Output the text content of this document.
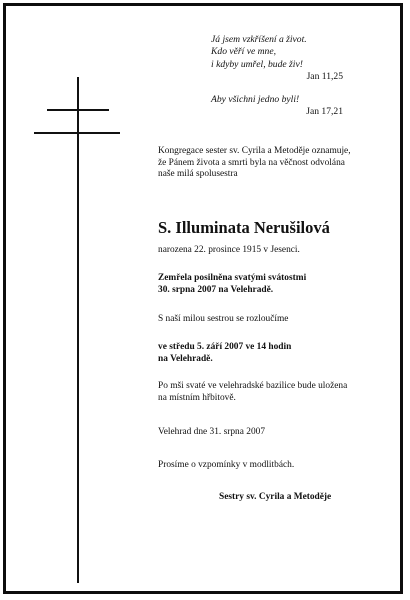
Já jsem vzkříšení a život.
Kdo věří ve mne,
i kdyby umřel, bude živ!
Jan 11,25
Aby všichni jedno byli!
Jan 17,21
Kongregace sester sv. Cyrila a Metoděje oznamuje,
že Pánem života a smrti byla na věčnost odvolána
naše milá spolusestra
S. Illuminata Nerušilová
narozena 22. prosince 1915 v Jesenci.
Zemřela posilněna svatými svátostmi
30. srpna 2007 na Velehradě.
S naší milou sestrou se rozloučíme
ve středu 5. září 2007 ve 14 hodin
na Velehradě.
Po mši svaté ve velehradské bazilice bude uložena
na místním hřbitově.
Velehrad dne 31. srpna 2007
Prosíme o vzpomínky v modlitbách.
Sestry sv. Cyrila a Metoděje
